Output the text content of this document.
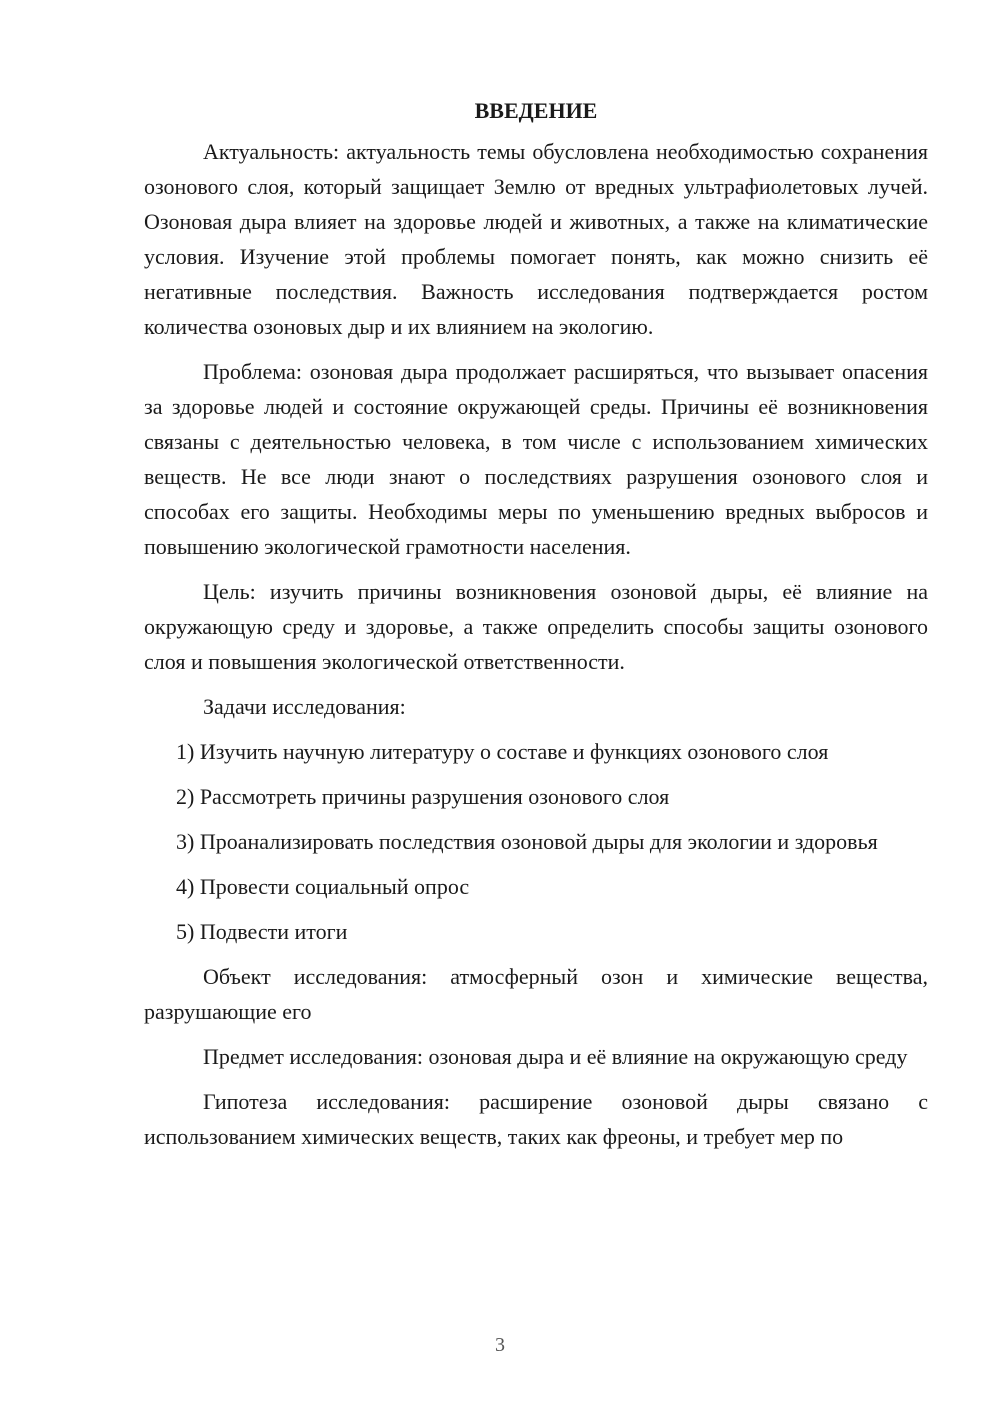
ВВЕДЕНИЕ

Актуальность: актуальность темы обусловлена необходимостью сохранения озонового слоя, который защищает Землю от вредных ультрафиолетовых лучей. Озоновая дыра влияет на здоровье людей и животных, а также на климатические условия. Изучение этой проблемы помогает понять, как можно снизить её негативные последствия. Важность исследования подтверждается ростом количества озоновых дыр и их влиянием на экологию.

Проблема: озоновая дыра продолжает расширяться, что вызывает опасения за здоровье людей и состояние окружающей среды. Причины её возникновения связаны с деятельностью человека, в том числе с использованием химических веществ. Не все люди знают о последствиях разрушения озонового слоя и способах его защиты. Необходимы меры по уменьшению вредных выбросов и повышению экологической грамотности населения.

Цель: изучить причины возникновения озоновой дыры, её влияние на окружающую среду и здоровье, а также определить способы защиты озонового слоя и повышения экологической ответственности.

Задачи исследования:

1) Изучить научную литературу о составе и функциях озонового слоя

2) Рассмотреть причины разрушения озонового слоя

3) Проанализировать последствия озоновой дыры для экологии и здоровья

4) Провести социальный опрос

5) Подвести итоги

Объект исследования: атмосферный озон и химические вещества, разрушающие его

Предмет исследования: озоновая дыра и её влияние на окружающую среду

Гипотеза исследования: расширение озоновой дыры связано с использованием химических веществ, таких как фреоны, и требует мер по

3
